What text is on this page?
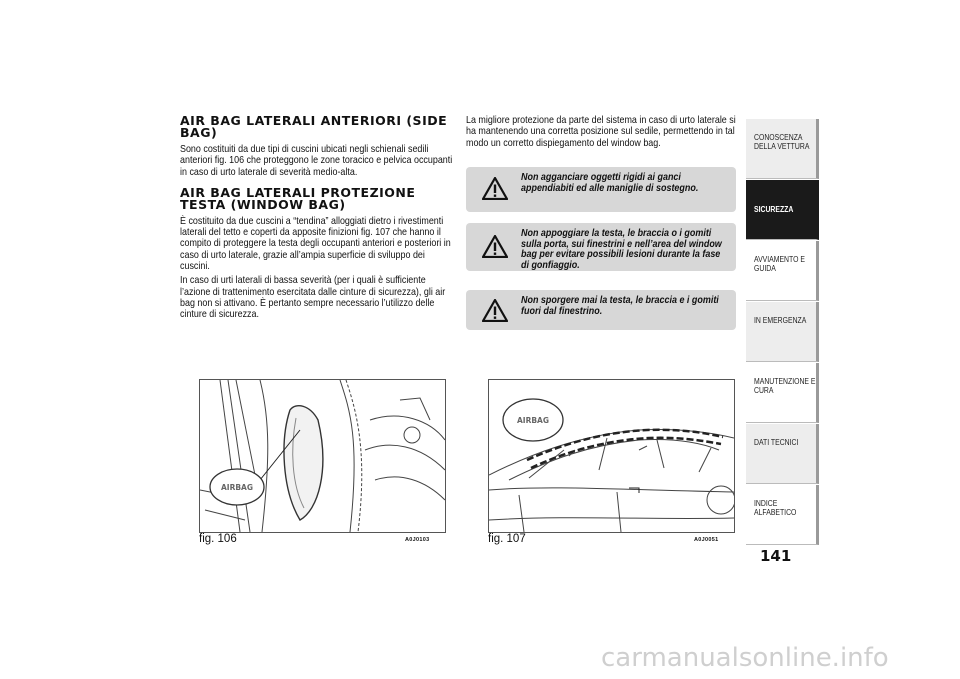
AIR BAG LATERALI ANTERIORI (SIDE BAG)

Sono costituiti da due tipi di cuscini ubicati negli schienali sedili anteriori fig. 106 che proteggono le zone toracico e pelvica occupanti in caso di urto laterale di severità medio-alta.

AIR BAG LATERALI PROTEZIONE TESTA (WINDOW BAG)

È costituito da due cuscini a “tendina” alloggiati dietro i rivestimenti laterali del tetto e coperti da apposite finizioni fig. 107 che hanno il compito di proteggere la testa degli occupanti anteriori e posteriori in caso di urto laterale, grazie all’ampia superficie di sviluppo dei cuscini.

In caso di urti laterali di bassa severità (per i quali è sufficiente l’azione di trattenimento esercitata dalle cinture di sicurezza), gli air bag non si attivano. È pertanto sempre necessario l’utilizzo delle cinture di sicurezza.

La migliore protezione da parte del sistema in caso di urto laterale si ha mantenendo una corretta posizione sul sedile, permettendo in tal modo un corretto dispiegamento del window bag.

Non agganciare oggetti rigidi ai ganci appendiabiti ed alle maniglie di sostegno.
Non appoggiare la testa, le braccia o i gomiti sulla porta, sui finestrini e nell’area del window bag per evitare possibili lesioni durante la fase di gonfiaggio.
Non sporgere mai la testa, le braccia e i gomiti fuori dal finestrino.
AIRBAG
fig. 106	A0J0103
AIRBAG
fig. 107	A0J0051
CONOSCENZA DELLA VETTURA
SICUREZZA
AVVIAMENTO E GUIDA
IN EMERGENZA
MANUTENZIONE E CURA
DATI TECNICI
INDICE ALFABETICO
141
carmanualsonline.info
